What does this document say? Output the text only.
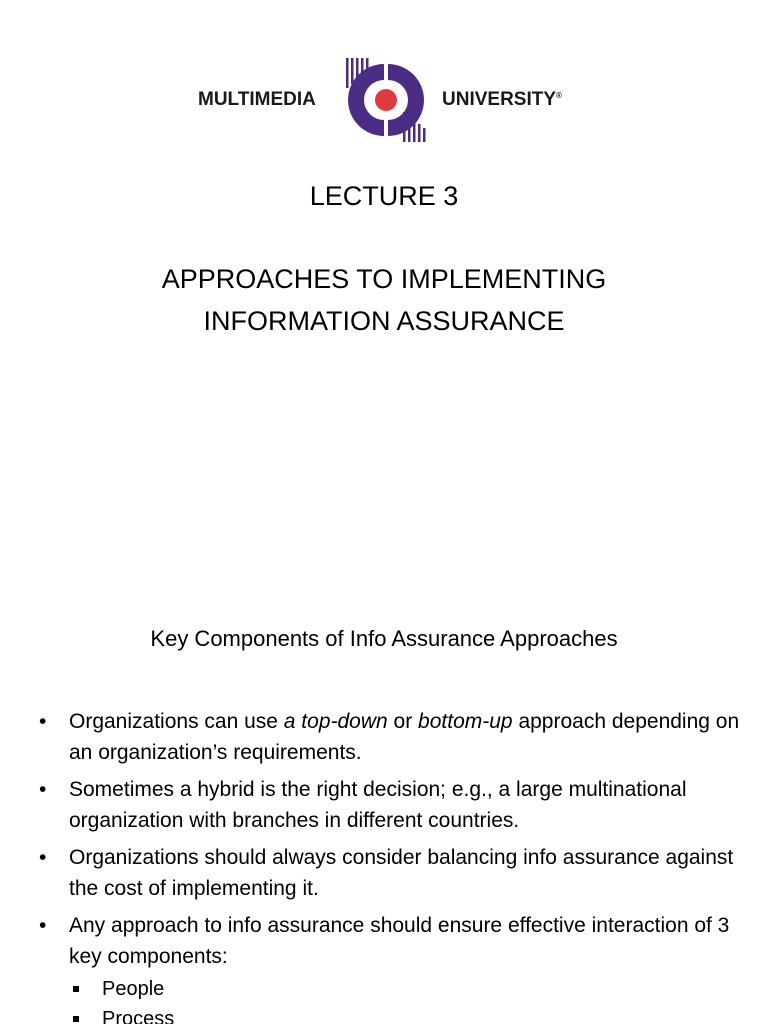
MULTIMEDIA	UNIVERSITY®
LECTURE 3
APPROACHES TO IMPLEMENTING
INFORMATION ASSURANCE
Key Components of Info Assurance Approaches
• Organizations can use a top-down or bottom-up approach depending on an organization’s requirements.
• Sometimes a hybrid is the right decision; e.g., a large multinational organization with branches in different countries.
• Organizations should always consider balancing info assurance against the cost of implementing it.
• Any approach to info assurance should ensure effective interaction of 3 key components:
People
Process
